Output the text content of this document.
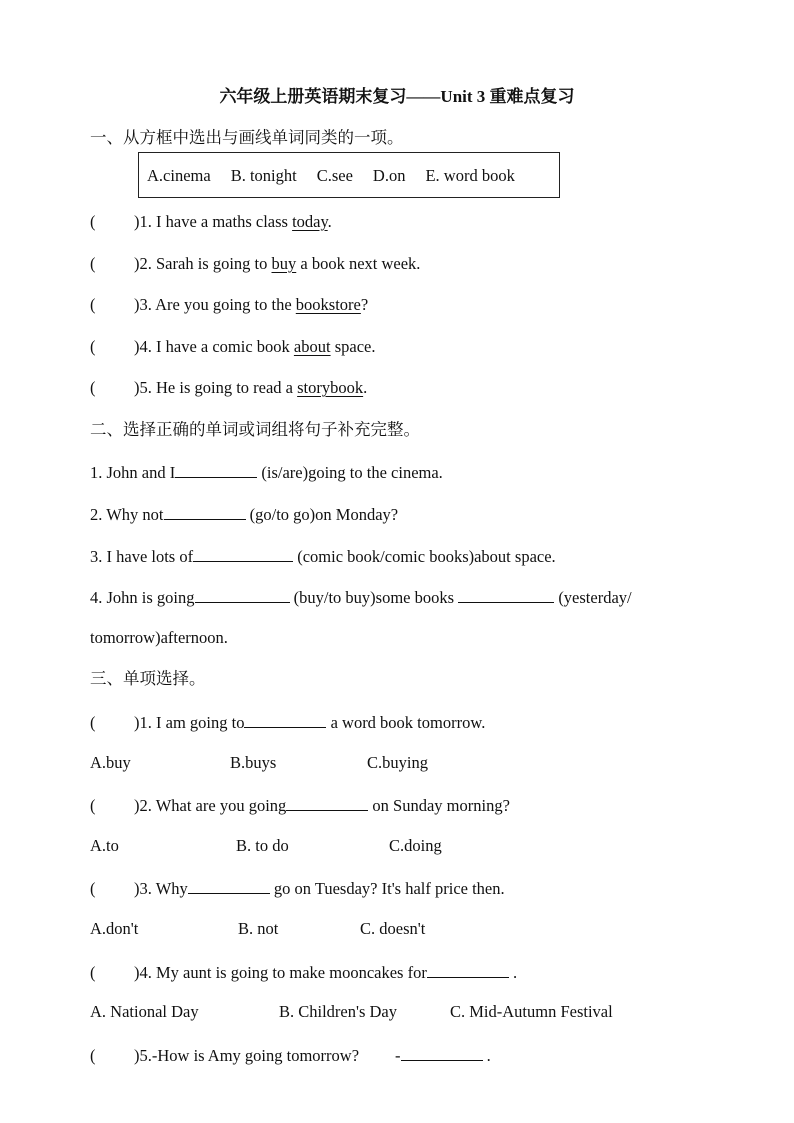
六年级上册英语期末复习——Unit 3 重难点复习
一、从方框中选出与画线单词同类的一项。
A.cinema B. tonight C.see D.on E. word book
( )1. I have a maths class today.
( )2. Sarah is going to buy a book next week.
( )3. Are you going to the bookstore?
( )4. I have a comic book about space.
( )5. He is going to read a storybook.
二、选择正确的单词或词组将句子补充完整。
1. John and I	(is/are)going to the cinema.
2. Why not	(go/to go)on Monday?
3. I have lots of	(comic book/comic books)about space.
4. John is going	(buy/to buy)some books	(yesterday/
tomorrow)afternoon.
三、单项选择。
( )1. I am going to	a word book tomorrow.
A.buy	B.buys	C.buying
( )2. What are you going	on Sunday morning?
A.to	B. to do	C.doing
( )3. Why	go on Tuesday? It's half price then.
A.don't	B. not	C. doesn't
( )4. My aunt is going to make mooncakes for	.
A. National Day	B. Children's Day	C. Mid-Autumn Festival
( )5.-How is Amy going tomorrow? -	.
